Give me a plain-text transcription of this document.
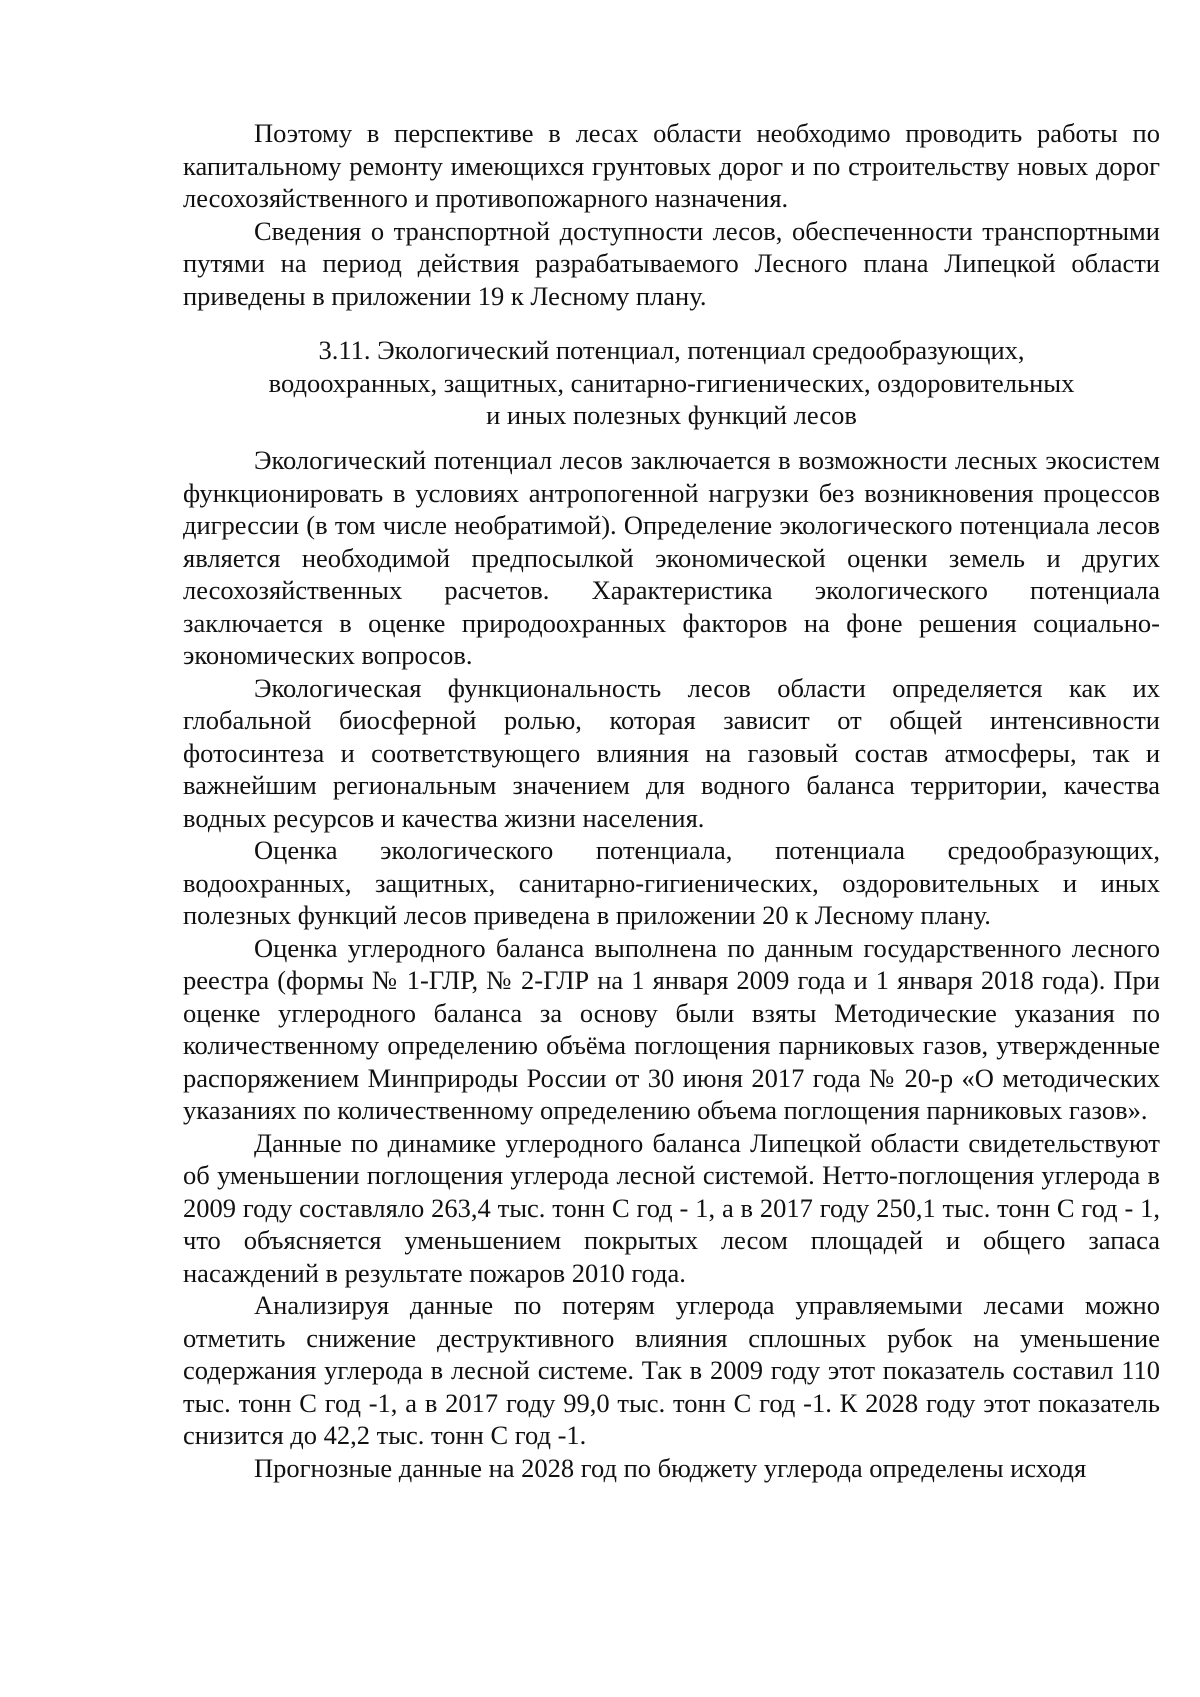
Поэтому в перспективе в лесах области необходимо проводить работы по капитальному ремонту имеющихся грунтовых дорог и по строительству новых дорог лесохозяйственного и противопожарного назначения.

Сведения о транспортной доступности лесов, обеспеченности транспортными путями на период действия разрабатываемого Лесного плана Липецкой области приведены в приложении 19 к Лесному плану.

3.11. Экологический потенциал, потенциал средообразующих,
водоохранных, защитных, санитарно-гигиенических, оздоровительных
и иных полезных функций лесов

Экологический потенциал лесов заключается в возможности лесных экосистем функционировать в условиях антропогенной нагрузки без возникновения процессов дигрессии (в том числе необратимой). Определение экологического потенциала лесов является необходимой предпосылкой экономической оценки земель и других лесохозяйственных расчетов. Характеристика экологического потенциала заключается в оценке природоохранных факторов на фоне решения социально-экономических вопросов.

Экологическая функциональность лесов области определяется как их глобальной биосферной ролью, которая зависит от общей интенсивности фотосинтеза и соответствующего влияния на газовый состав атмосферы, так и важнейшим региональным значением для водного баланса территории, качества водных ресурсов и качества жизни населения.

Оценка экологического потенциала, потенциала средообразующих, водоохранных, защитных, санитарно-гигиенических, оздоровительных и иных полезных функций лесов приведена в приложении 20 к Лесному плану.

Оценка углеродного баланса выполнена по данным государственного лесного реестра (формы № 1-ГЛР, № 2-ГЛР на 1 января 2009 года и 1 января 2018 года). При оценке углеродного баланса за основу были взяты Методические указания по количественному определению объёма поглощения парниковых газов, утвержденные распоряжением Минприроды России от 30 июня 2017 года № 20-р «О методических указаниях по количественному определению объема поглощения парниковых газов».

Данные по динамике углеродного баланса Липецкой области свидетельствуют об уменьшении поглощения углерода лесной системой. Нетто-поглощения углерода в 2009 году составляло 263,4 тыс. тонн С год - 1, а в 2017 году 250,1 тыс. тонн С год - 1, что объясняется уменьшением покрытых лесом площадей и общего запаса насаждений в результате пожаров 2010 года.

Анализируя данные по потерям углерода управляемыми лесами можно отметить снижение деструктивного влияния сплошных рубок на уменьшение содержания углерода в лесной системе. Так в 2009 году этот показатель составил 110 тыс. тонн С год -1, а в 2017 году 99,0 тыс. тонн С год -1. К 2028 году этот показатель снизится до 42,2 тыс. тонн С год -1.

Прогнозные данные на 2028 год по бюджету углерода определены исходя
